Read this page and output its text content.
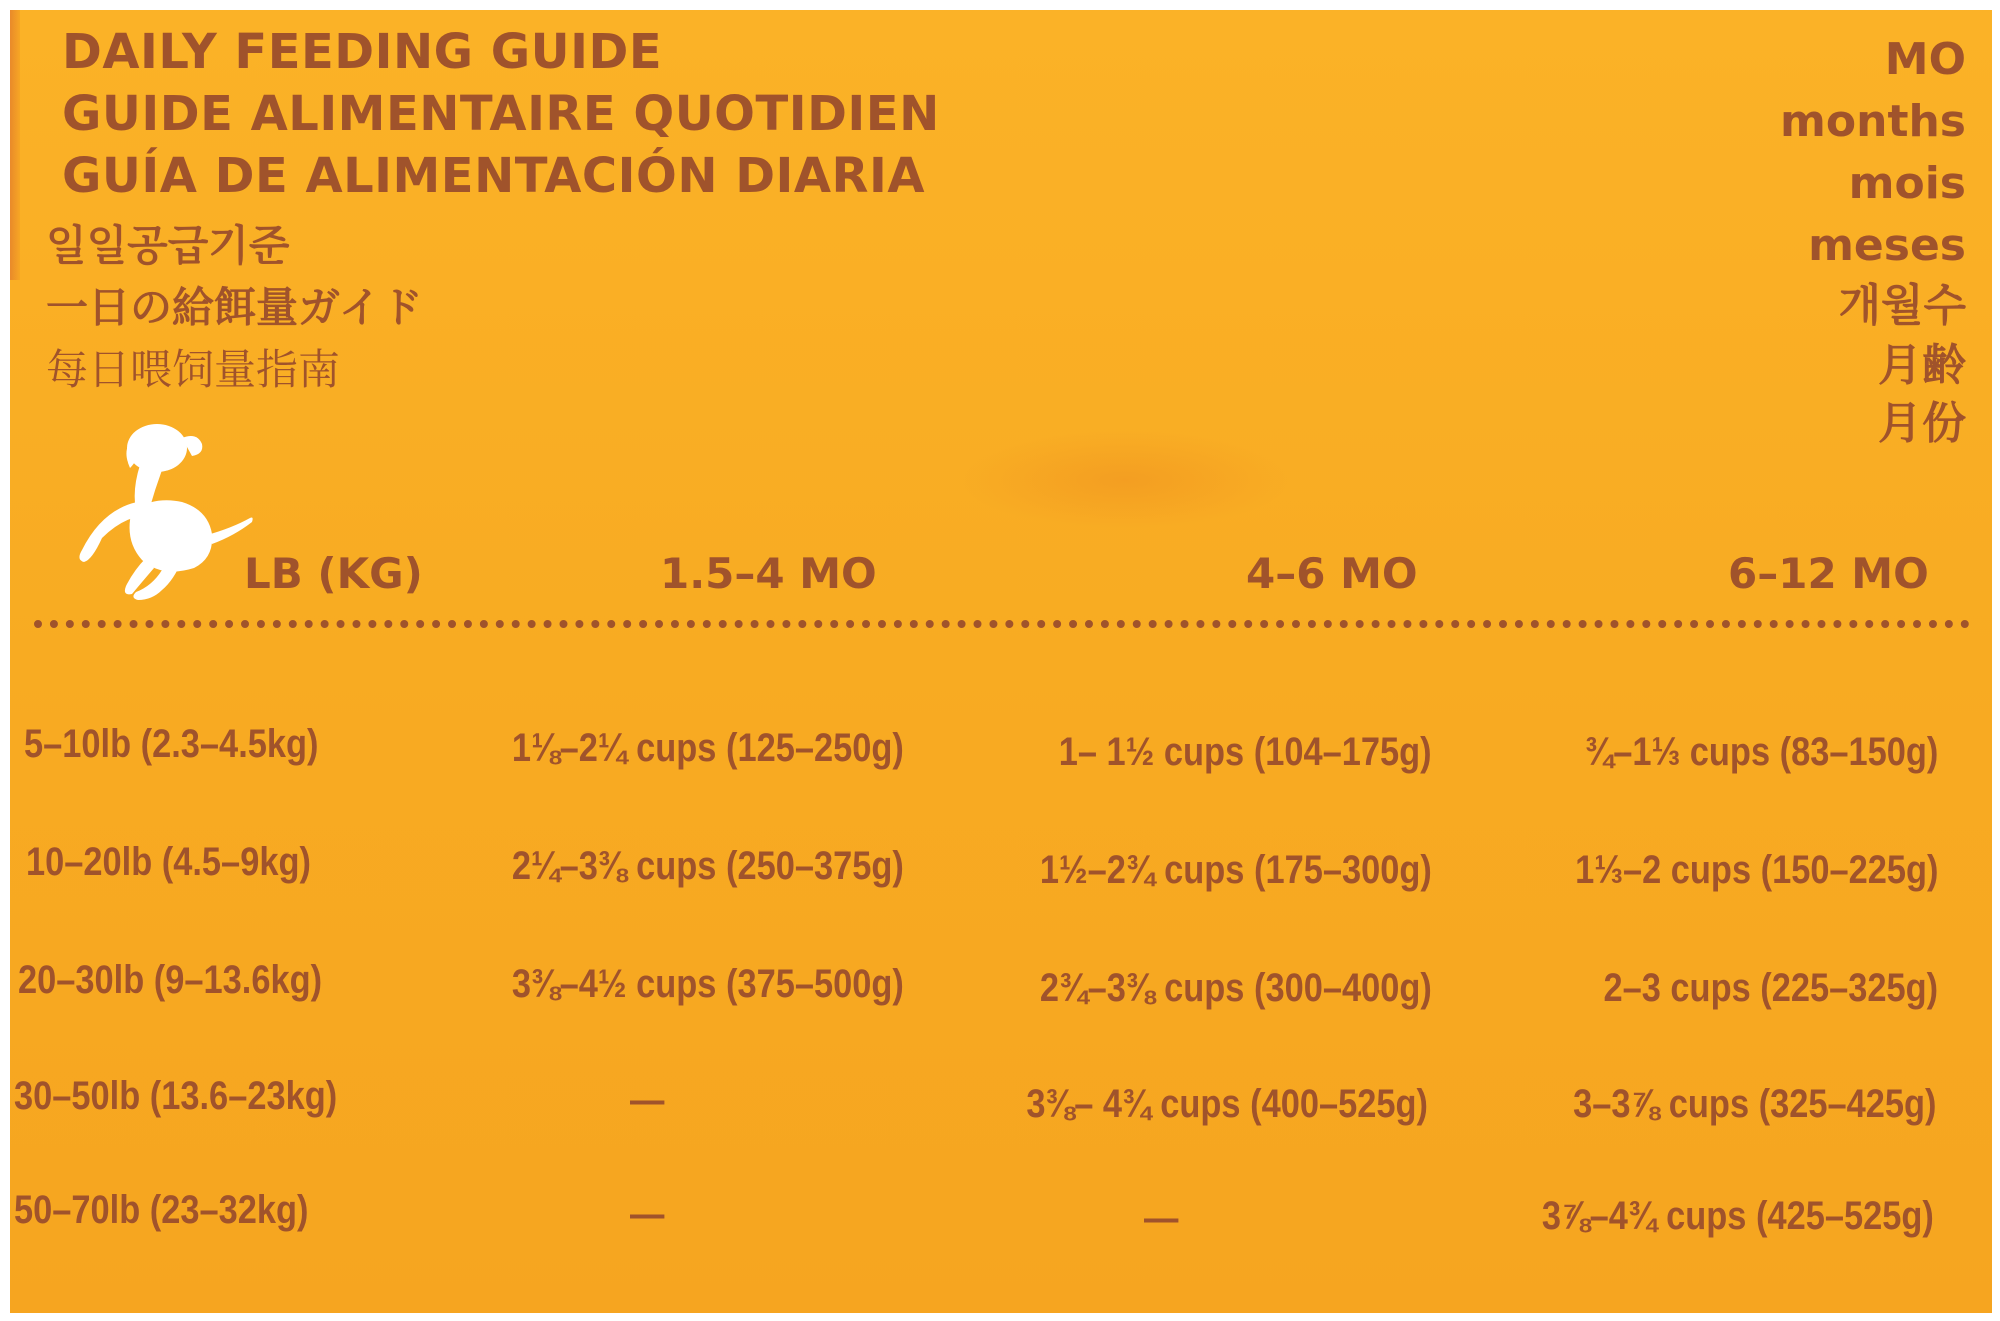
DAILY FEEDING GUIDE
GUIDE ALIMENTAIRE QUOTIDIEN
GUÍA DE ALIMENTACIÓN DIARIA
일일공급기준
一日の給餌量ガイド
每日喂饲量指南
MO
months
mois
meses
개월수
月齢
月份
LB (KG)	1.5–4 MO	4–6 MO	6–12 MO
5–10lb (2.3–4.5kg)	1⅛–2¼ cups (125–250g)	1– 1½ cups (104–175g)	¾–1⅓ cups (83–150g)
10–20lb (4.5–9kg)	2¼–3⅜ cups (250–375g)	1½–2¾ cups (175–300g)	1⅓–2 cups (150–225g)
20–30lb (9–13.6kg)	3⅜–4½ cups (375–500g)	2¾–3⅜ cups (300–400g)	2–3 cups (225–325g)
30–50lb (13.6–23kg)	—	3⅜– 4¾ cups (400–525g)	3–3⅞ cups (325–425g)
50–70lb (23–32kg)	—	—	3⅞–4¾ cups (425–525g)
